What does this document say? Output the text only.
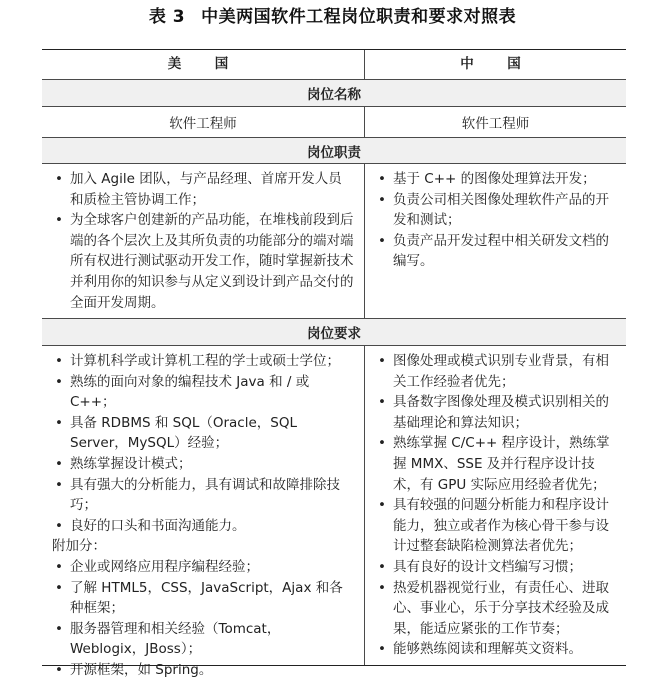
表 3 中美两国软件工程岗位职责和要求对照表
美　国	中　国
岗位名称
软件工程师	软件工程师
岗位职责
• 加入 Agile 团队，与产品经理、首席开发人员和质检主管协调工作；
• 为全球客户创建新的产品功能，在堆栈前段到后端的各个层次上及其所负责的功能部分的端对端所有权进行测试驱动开发工作，随时掌握新技术并利用你的知识参与从定义到设计到产品交付的全面开发周期。
• 基于 C++ 的图像处理算法开发；
• 负责公司相关图像处理软件产品的开发和测试；
• 负责产品开发过程中相关研发文档的编写。
岗位要求
• 计算机科学或计算机工程的学士或硕士学位；
• 熟练的面向对象的编程技术 Java 和 / 或 C++；
• 具备 RDBMS 和 SQL（Oracle，SQL Server，MySQL）经验；
• 熟练掌握设计模式；
• 具有强大的分析能力，具有调试和故障排除技巧；
• 良好的口头和书面沟通能力。
附加分：
• 企业或网络应用程序编程经验；
• 了解 HTML5，CSS，JavaScript，Ajax 和各种框架；
• 服务器管理和相关经验（Tomcat，Weblogix，JBoss）；
• 开源框架，如 Spring。
• 图像处理或模式识别专业背景，有相关工作经验者优先；
• 具备数字图像处理及模式识别相关的基础理论和算法知识；
• 熟练掌握 C/C++ 程序设计，熟练掌握 MMX、SSE 及并行程序设计技术，有 GPU 实际应用经验者优先；
• 具有较强的问题分析能力和程序设计能力，独立或者作为核心骨干参与设计过整套缺陷检测算法者优先；
• 具有良好的设计文档编写习惯；
• 热爱机器视觉行业，有责任心、进取心、事业心，乐于分享技术经验及成果，能适应紧张的工作节奏；
• 能够熟练阅读和理解英文资料。
